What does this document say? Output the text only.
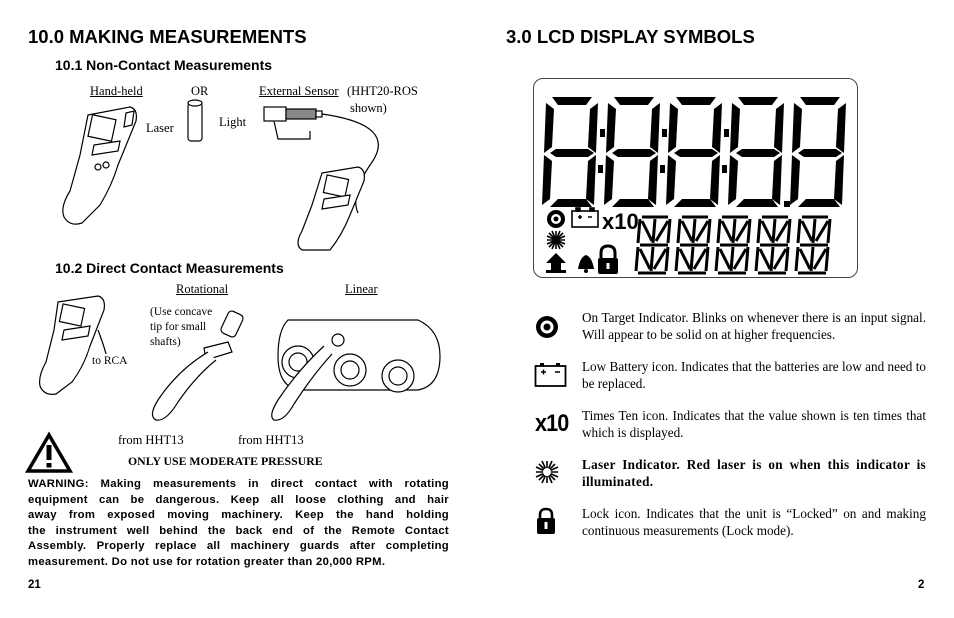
10.0 MAKING MEASUREMENTS
10.1 Non-Contact Measurements
Hand-held	OR	External Sensor (HHT20-ROS
shown)
Laser	Light
10.2 Direct Contact Measurements
Rotational	Linear
(Use concave
tip for small
shafts)
to RCA
from HHT13	from HHT13
ONLY USE MODERATE PRESSURE
WARNING: Making measurements in direct contact with rotating
equipment can be dangerous. Keep all loose clothing and hair
away from exposed moving machinery. Keep the hand holding
the instrument well behind the back end of the Remote Contact
Assembly. Properly replace all machinery guards after completing
measurement. Do not use for rotation greater than 20,000 RPM.
21
3.0 LCD DISPLAY SYMBOLS
x10
On Target Indicator. Blinks on whenever there is an input signal. Will appear to be solid on at higher frequencies.
Low Battery icon. Indicates that the batteries are low and need to be replaced.
x10 Times Ten icon. Indicates that the value shown is ten times that which is displayed.
Laser Indicator. Red laser is on when this indicator is illuminated.
Lock icon. Indicates that the unit is “Locked” on and making continuous measurements (Lock mode).
2
